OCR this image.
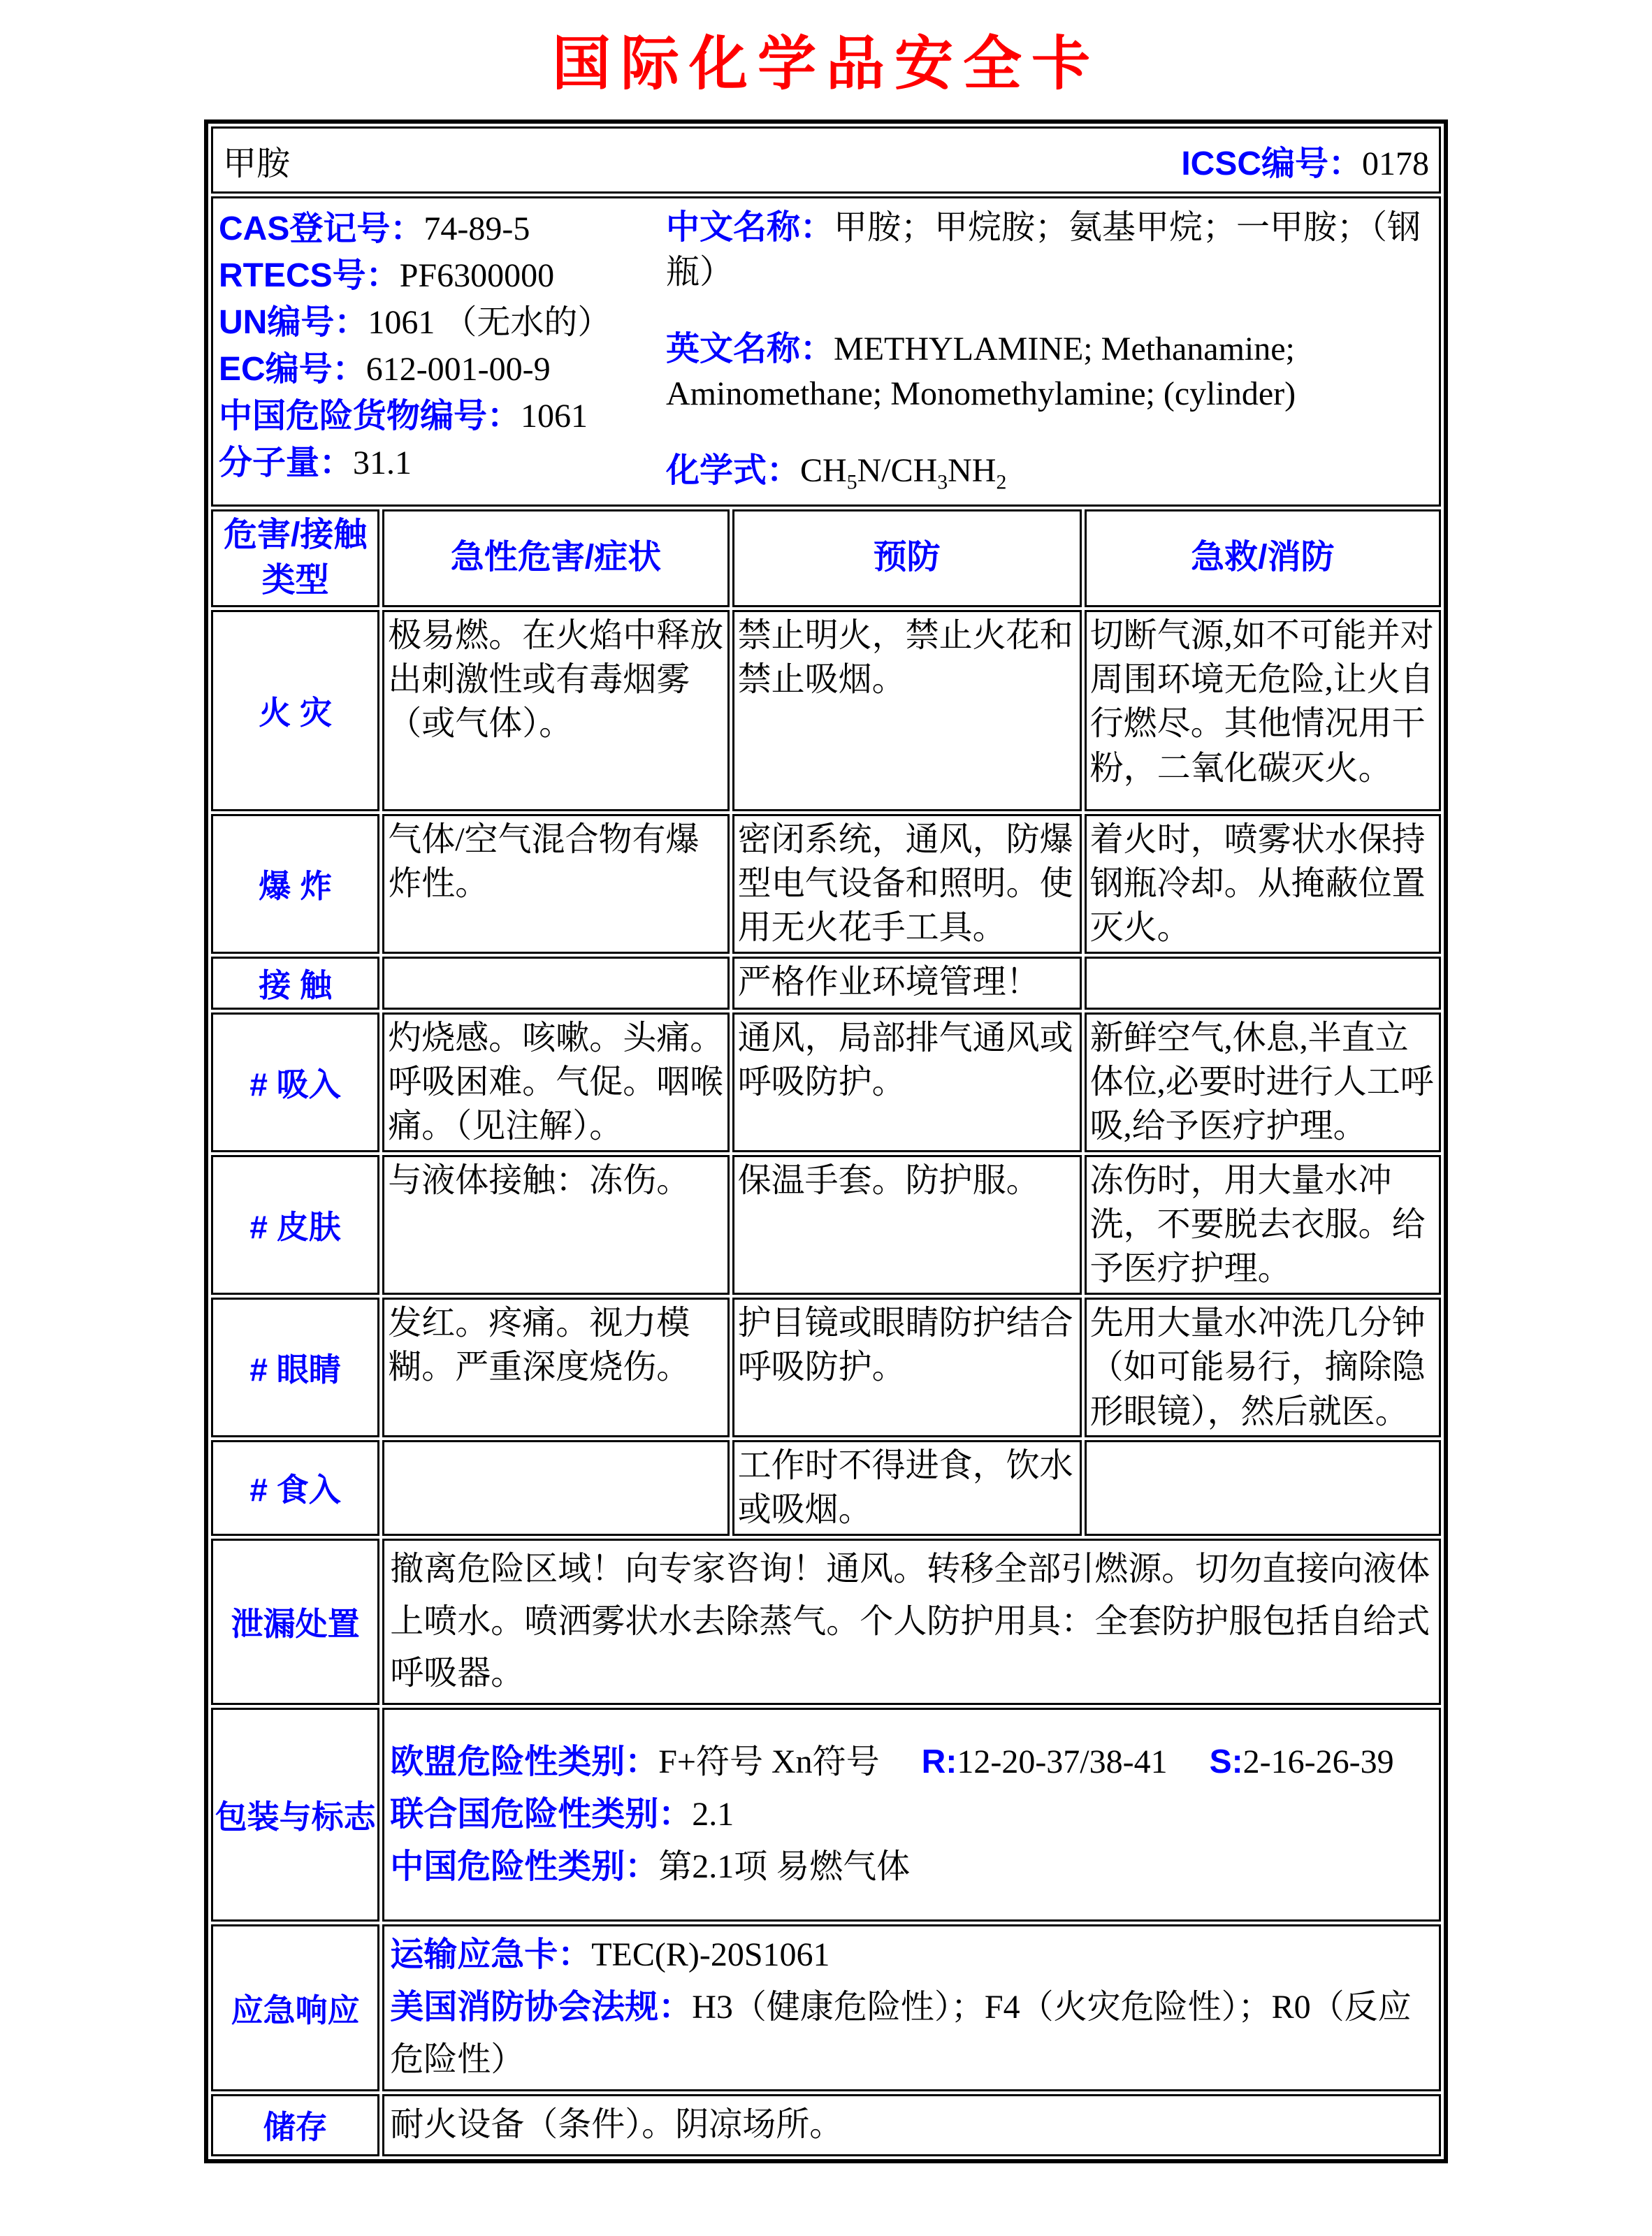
国际化学品安全卡
甲胺 ICSC编号：0178			

CAS登记号：74-89-5
RTECS号：PF6300000
UN编号：1061 （无水的）
EC编号：612-001-00-9
中国危险货物编号：1061
分子量：31.1

中文名称：甲胺；甲烷胺；氨基甲烷；一甲胺；（钢瓶）

英文名称：METHYLAMINE; Methanamine; Aminomethane; Monomethylamine; (cylinder)

化学式：$CH_5N/CH_3NH_2$

危害/接触类型	急性危害/症状	预防	急救/消防
火 灾	极易燃。在火焰中释放出刺激性或有毒烟雾（或气体）。	禁止明火，禁止火花和禁止吸烟。	切断气源,如不可能并对周围环境无危险,让火自行燃尽。其他情况用干粉，二氧化碳灭火。
爆 炸	气体/空气混合物有爆炸性。	密闭系统，通风，防爆型电气设备和照明。使用无火花手工具。	着火时，喷雾状水保持钢瓶冷却。从掩蔽位置灭火。
接 触		严格作业环境管理！	
# 吸入	灼烧感。咳嗽。头痛。呼吸困难。气促。咽喉痛。（见注解）。	通风，局部排气通风或呼吸防护。	新鲜空气,休息,半直立体位,必要时进行人工呼吸,给予医疗护理。
# 皮肤	与液体接触：冻伤。	保温手套。防护服。	冻伤时，用大量水冲洗，不要脱去衣服。给予医疗护理。
# 眼睛	发红。疼痛。视力模糊。严重深度烧伤。	护目镜或眼睛防护结合呼吸防护。	先用大量水冲洗几分钟（如可能易行，摘除隐形眼镜），然后就医。
# 食入		工作时不得进食，饮水或吸烟。	
泄漏处置	撤离危险区域！向专家咨询！通风。转移全部引燃源。切勿直接向液体上喷水。喷洒雾状水去除蒸气。个人防护用具：全套防护服包括自给式呼吸器。		
包装与标志	欧盟危险性类别：F+符号 Xn符号 R:12-20-37/38-41 S:2-16-26-39

联合国危险性类别：2.1

中国危险性类别：第2.1项 易燃气体		

应急响应	运输应急卡：TEC(R)-20S1061

美国消防协会法规：H3（健康危险性）；F4（火灾危险性）；R0（反应危险性）		

储存	耐火设备（条件）。阴凉场所。		
